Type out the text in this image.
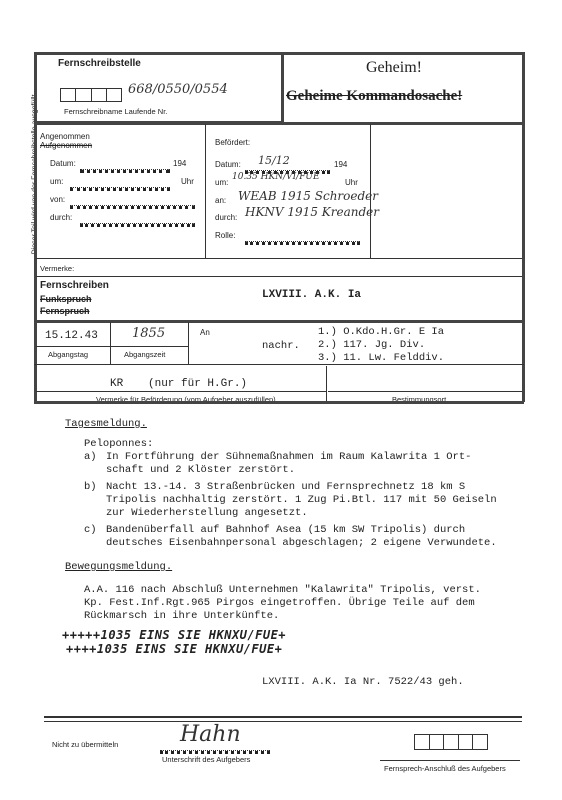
Dieser Teil wird von der Fernschreibstelle ausgefüllt
Fernschreibstelle
668/0550/0554
Fernschreibname Laufende Nr.
Geheim!
Geheime Kommandosache!
Angenommen
Aufgenommen
Datum:	194
um:	Uhr
von:
durch:
Befördert:
Datum: 15/12	194
um:
10.35 HKN/VI/FUE
Uhr
an: WEAB 1915 Schroeder
durch: HKNV 1915 Kreander
Rolle:
Vermerke:
Fernschreiben
Funkspruch
Fernspruch
LXVIII. A.K. Ia
15.12.43	1855
Abgangstag	Abgangszeit
An
nachr.
1.) O.Kdo.H.Gr. E Ia
2.) 117. Jg. Div.
3.) 11. Lw. Felddiv.
KR (nur für H.Gr.)
Vermerke für Beförderung (vom Aufgeber auszufüllen)	Bestimmungsort
Tagesmeldung.
Peloponnes:
a) In Fortführung der Sühnemaßnahmen im Raum Kalawrita 1 Ort-
schaft und 2 Klöster zerstört.
b) Nacht 13.-14. 3 Straßenbrücken und Fernsprechnetz 18 km S
Tripolis nachhaltig zerstört. 1 Zug Pi.Btl. 117 mit 50 Geiseln
zur Wiederherstellung angesetzt.
c) Bandenüberfall auf Bahnhof Asea (15 km SW Tripolis) durch
deutsches Eisenbahnpersonal abgeschlagen; 2 eigene Verwundete.
Bewegungsmeldung.
A.A. 116 nach Abschluß Unternehmen "Kalawrita" Tripolis, verst.
Kp. Fest.Inf.Rgt.965 Pirgos eingetroffen. Übrige Teile auf dem
Rückmarsch in ihre Unterkünfte.
+++++1035 EINS SIE HKNXU/FUE+
++++1035 EINS SIE HKNXU/FUE+
LXVIII. A.K. Ia Nr. 7522/43 geh.
Nicht zu übermitteln	Hahn
Unterschrift des Aufgebers
Fernsprech-Anschluß des Aufgebers
